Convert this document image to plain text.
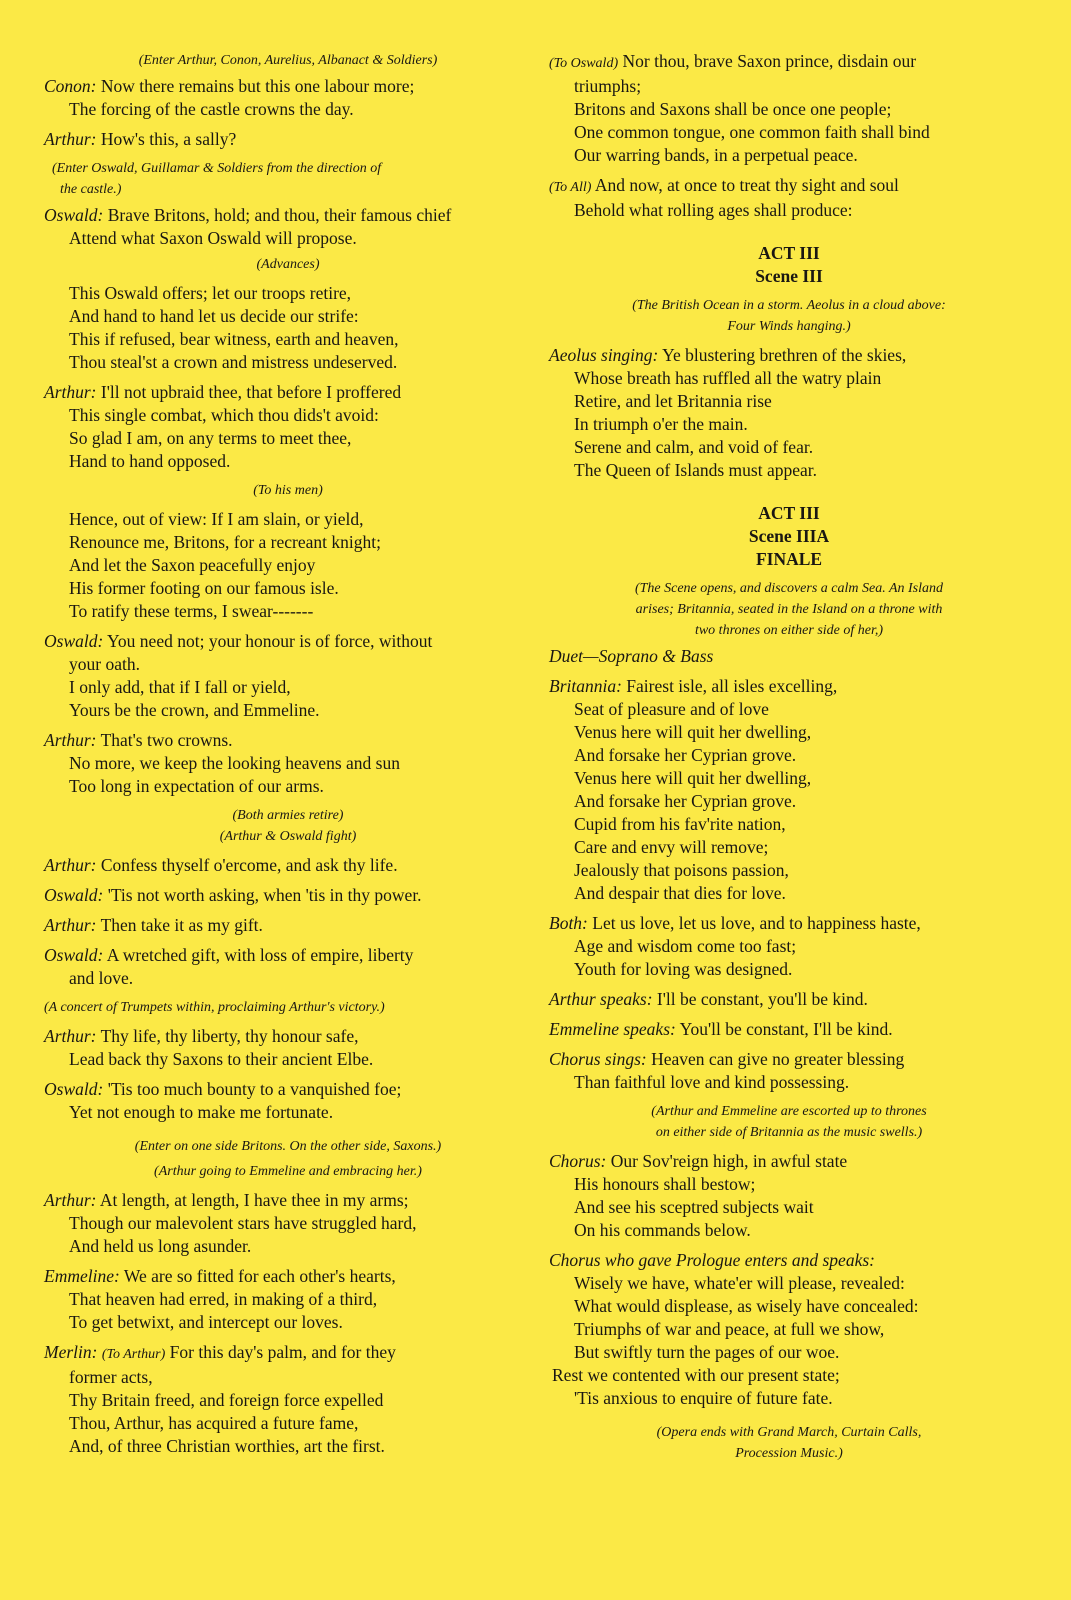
(Enter Arthur, Conon, Aurelius, Albanact & Soldiers)
Conon: Now there remains but this one labour more;
The forcing of the castle crowns the day.
Arthur: How's this, a sally?
(Enter Oswald, Guillamar & Soldiers from the direction of
the castle.)
Oswald: Brave Britons, hold; and thou, their famous chief
Attend what Saxon Oswald will propose.
(Advances)
This Oswald offers; let our troops retire,
And hand to hand let us decide our strife:
This if refused, bear witness, earth and heaven,
Thou steal'st a crown and mistress undeserved.
Arthur: I'll not upbraid thee, that before I proffered
This single combat, which thou dids't avoid:
So glad I am, on any terms to meet thee,
Hand to hand opposed.
(To his men)
Hence, out of view: If I am slain, or yield,
Renounce me, Britons, for a recreant knight;
And let the Saxon peacefully enjoy
His former footing on our famous isle.
To ratify these terms, I swear-------
Oswald: You need not; your honour is of force, without
your oath.
I only add, that if I fall or yield,
Yours be the crown, and Emmeline.
Arthur: That's two crowns.
No more, we keep the looking heavens and sun
Too long in expectation of our arms.
(Both armies retire)
(Arthur & Oswald fight)
Arthur: Confess thyself o'ercome, and ask thy life.
Oswald: 'Tis not worth asking, when 'tis in thy power.
Arthur: Then take it as my gift.
Oswald: A wretched gift, with loss of empire, liberty
and love.
(A concert of Trumpets within, proclaiming Arthur's victory.)
Arthur: Thy life, thy liberty, thy honour safe,
Lead back thy Saxons to their ancient Elbe.
Oswald: 'Tis too much bounty to a vanquished foe;
Yet not enough to make me fortunate.
(Enter on one side Britons. On the other side, Saxons.)
(Arthur going to Emmeline and embracing her.)
Arthur: At length, at length, I have thee in my arms;
Though our malevolent stars have struggled hard,
And held us long asunder.
Emmeline: We are so fitted for each other's hearts,
That heaven had erred, in making of a third,
To get betwixt, and intercept our loves.
Merlin: (To Arthur) For this day's palm, and for they
former acts,
Thy Britain freed, and foreign force expelled
Thou, Arthur, has acquired a future fame,
And, of three Christian worthies, art the first.
(To Oswald) Nor thou, brave Saxon prince, disdain our
triumphs;
Britons and Saxons shall be once one people;
One common tongue, one common faith shall bind
Our warring bands, in a perpetual peace.
(To All) And now, at once to treat thy sight and soul
Behold what rolling ages shall produce:
ACT III
Scene III
(The British Ocean in a storm. Aeolus in a cloud above:
Four Winds hanging.)
Aeolus singing: Ye blustering brethren of the skies,
Whose breath has ruffled all the watry plain
Retire, and let Britannia rise
In triumph o'er the main.
Serene and calm, and void of fear.
The Queen of Islands must appear.
ACT III
Scene IIIA
FINALE
(The Scene opens, and discovers a calm Sea. An Island
arises; Britannia, seated in the Island on a throne with
two thrones on either side of her,)
Duet—Soprano & Bass
Britannia: Fairest isle, all isles excelling,
Seat of pleasure and of love
Venus here will quit her dwelling,
And forsake her Cyprian grove.
Venus here will quit her dwelling,
And forsake her Cyprian grove.
Cupid from his fav'rite nation,
Care and envy will remove;
Jealously that poisons passion,
And despair that dies for love.
Both: Let us love, let us love, and to happiness haste,
Age and wisdom come too fast;
Youth for loving was designed.
Arthur speaks: I'll be constant, you'll be kind.
Emmeline speaks: You'll be constant, I'll be kind.
Chorus sings: Heaven can give no greater blessing
Than faithful love and kind possessing.
(Arthur and Emmeline are escorted up to thrones
on either side of Britannia as the music swells.)
Chorus: Our Sov'reign high, in awful state
His honours shall bestow;
And see his sceptred subjects wait
On his commands below.
Chorus who gave Prologue enters and speaks:
Wisely we have, whate'er will please, revealed:
What would displease, as wisely have concealed:
Triumphs of war and peace, at full we show,
But swiftly turn the pages of our woe.
Rest we contented with our present state;
'Tis anxious to enquire of future fate.
(Opera ends with Grand March, Curtain Calls,
Procession Music.)
